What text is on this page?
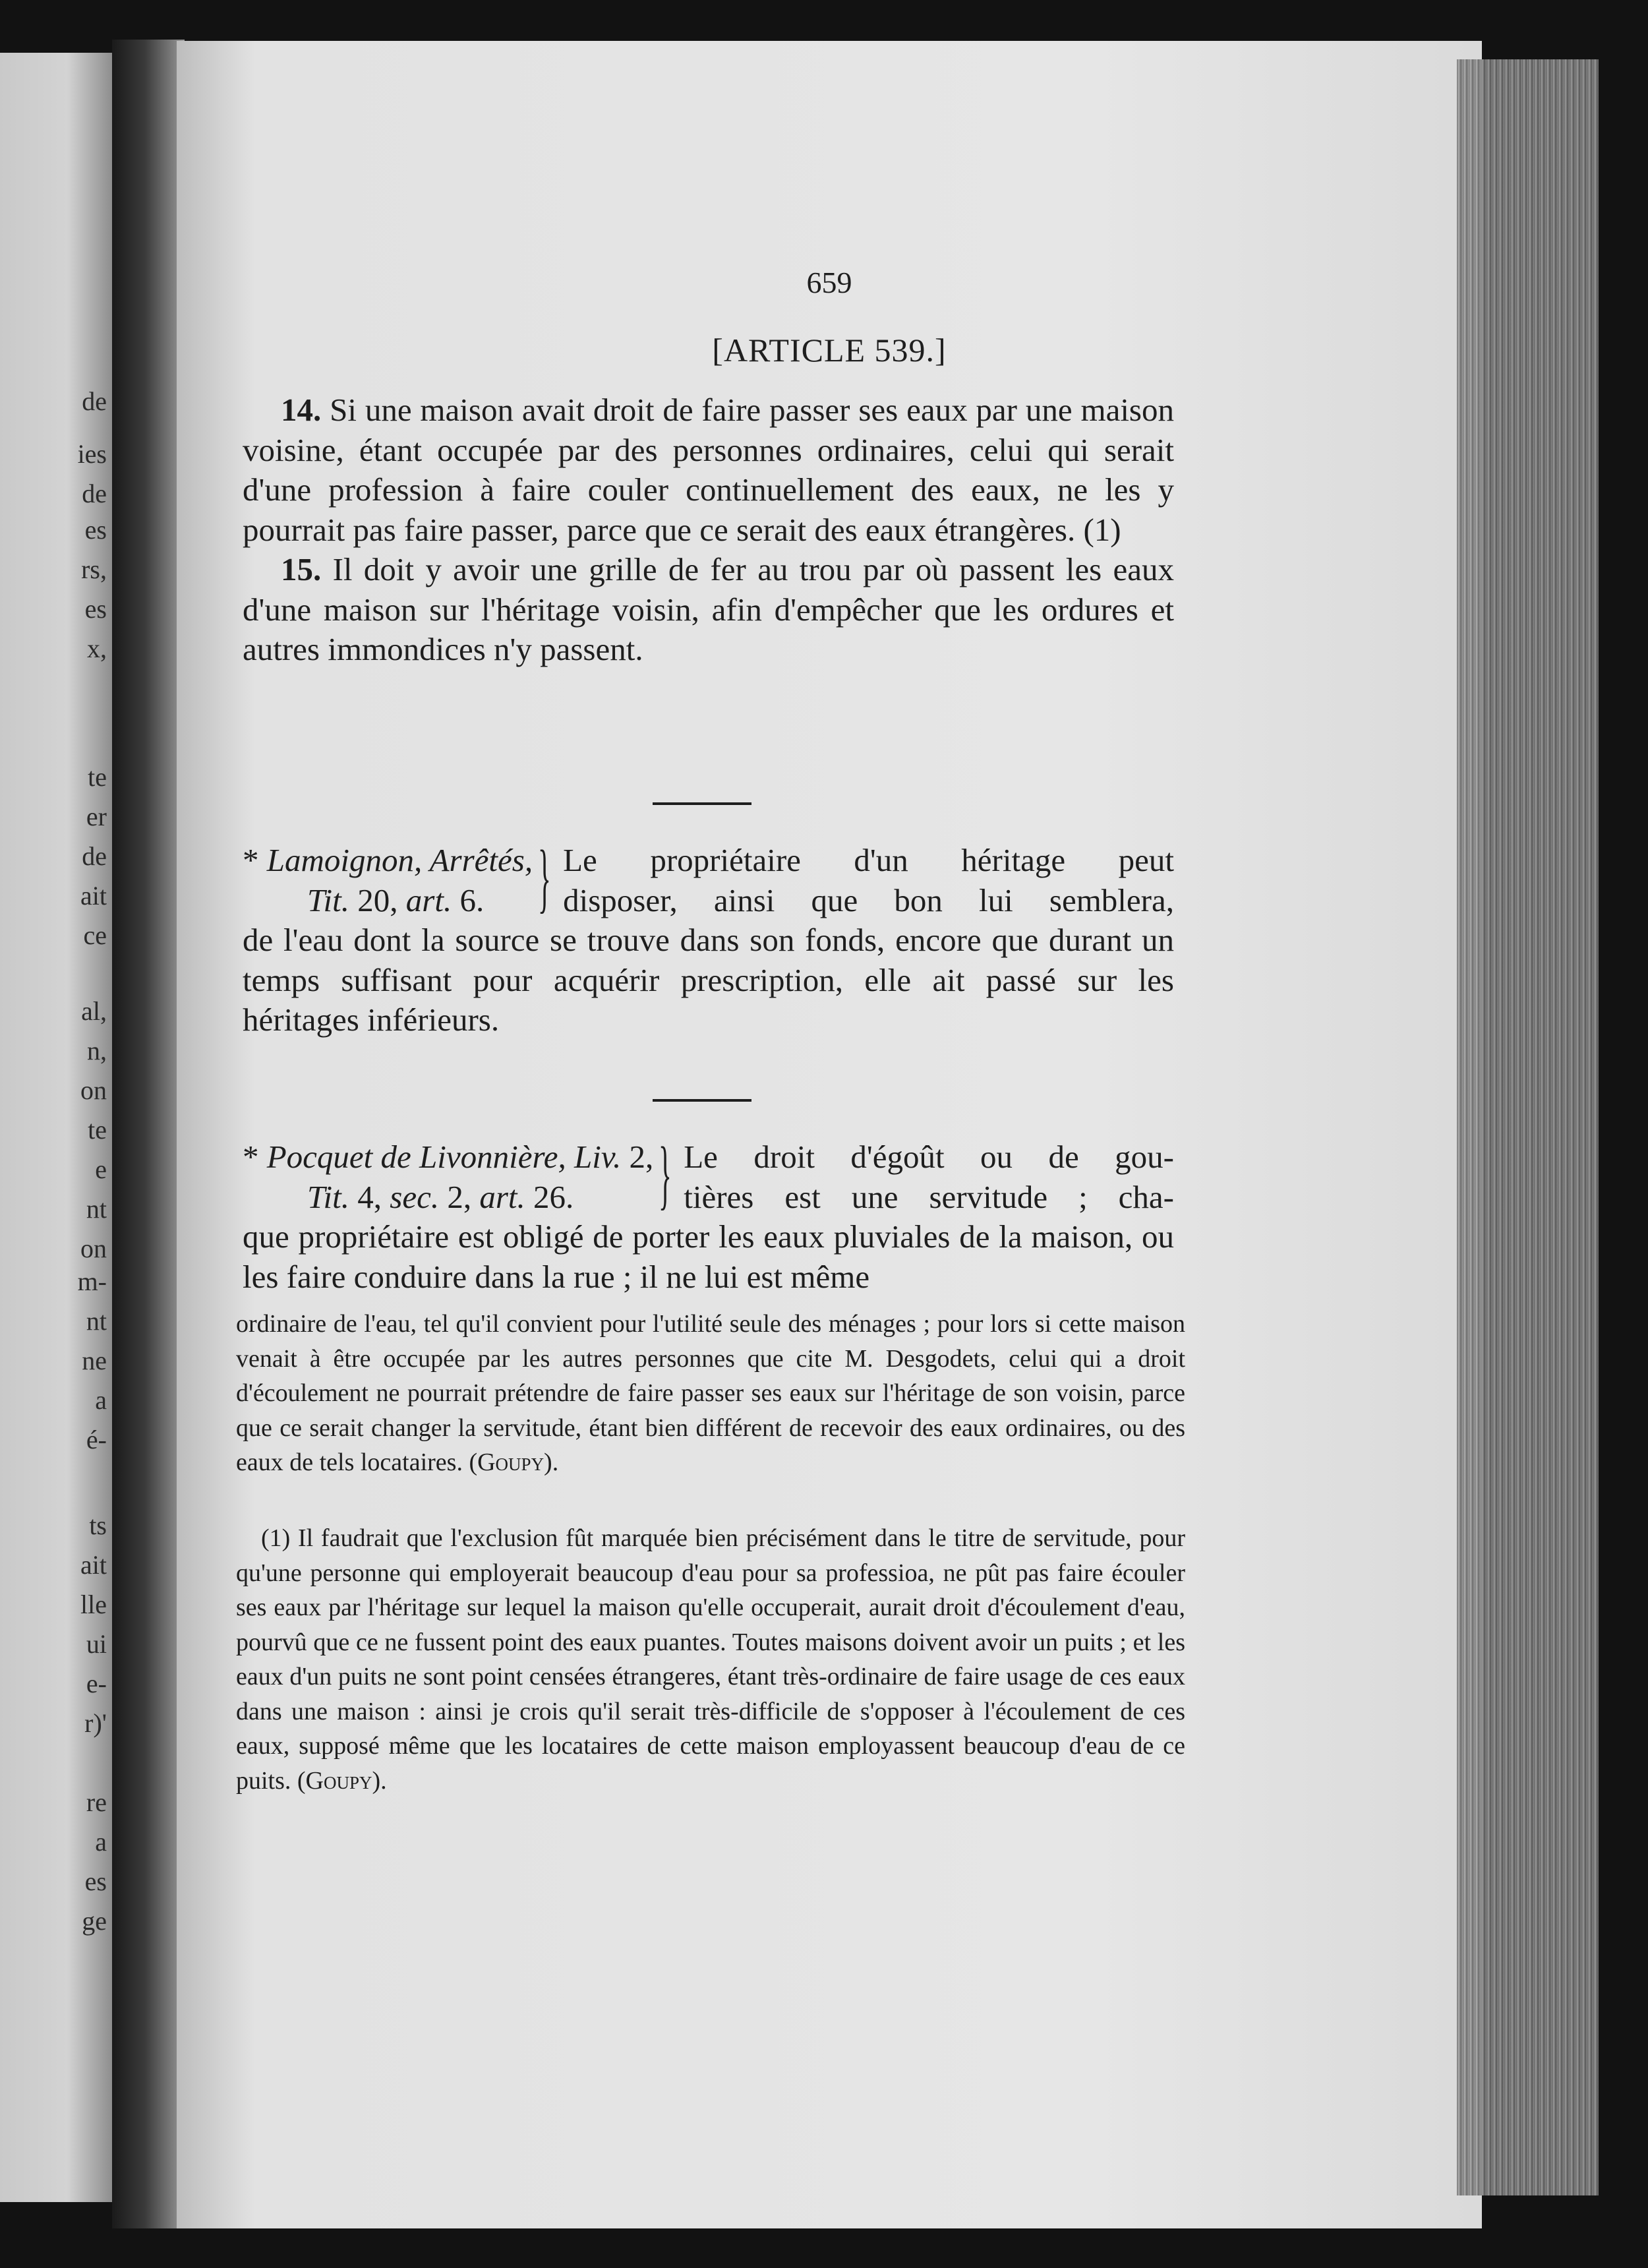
de
ies
de
es
rs,
es
x,
te
er
de
ait
ce
al,
n,
on
te
e
nt
on
m-
nt
ne
a
é-
ts
ait
lle
ui
e-
r)'
re
a
es
ge
659
[ARTICLE 539.]

14. Si une maison avait droit de faire passer ses eaux par une maison voisine, étant occupée par des personnes ordinaires, celui qui serait d'une profession à faire couler continuellement des eaux, ne les y pourrait pas faire passer, parce que ce serait des eaux étrangères. (1)

15. Il doit y avoir une grille de fer au trou par où passent les eaux d'une maison sur l'héritage voisin, afin d'empêcher que les ordures et autres immondices n'y passent.

* Lamoignon, Arrêtés,
Tit. 20, art. 6. } Le propriétaire d'un héritage peut
disposer, ainsi que bon lui semblera,
de l'eau dont la source se trouve dans son fonds, encore que durant un temps suffisant pour acquérir prescription, elle ait passé sur les héritages inférieurs.
* Pocquet de Livonnière, Liv. 2,
Tit. 4, sec. 2, art. 26.	} Le droit d'égoût ou de gou-
tières est une servitude ; cha-
que propriétaire est obligé de porter les eaux pluviales de la maison, ou les faire conduire dans la rue ; il ne lui est même

ordinaire de l'eau, tel qu'il convient pour l'utilité seule des ménages ; pour lors si cette maison venait à être occupée par les autres personnes que cite M. Desgodets, celui qui a droit d'écoulement ne pourrait prétendre de faire passer ses eaux sur l'héritage de son voisin, parce que ce serait changer la servitude, étant bien différent de recevoir des eaux ordinaires, ou des eaux de tels locataires. (Goupy).

(1) Il faudrait que l'exclusion fût marquée bien précisément dans le titre de servitude, pour qu'une personne qui employerait beaucoup d'eau pour sa professioa, ne pût pas faire écouler ses eaux par l'héritage sur lequel la maison qu'elle occuperait, aurait droit d'écoulement d'eau, pourvû que ce ne fussent point des eaux puantes. Toutes maisons doivent avoir un puits ; et les eaux d'un puits ne sont point censées étrangeres, étant très-ordinaire de faire usage de ces eaux dans une maison : ainsi je crois qu'il serait très-difficile de s'opposer à l'écoulement de ces eaux, supposé même que les locataires de cette maison employassent beaucoup d'eau de ce puits. (Goupy).
